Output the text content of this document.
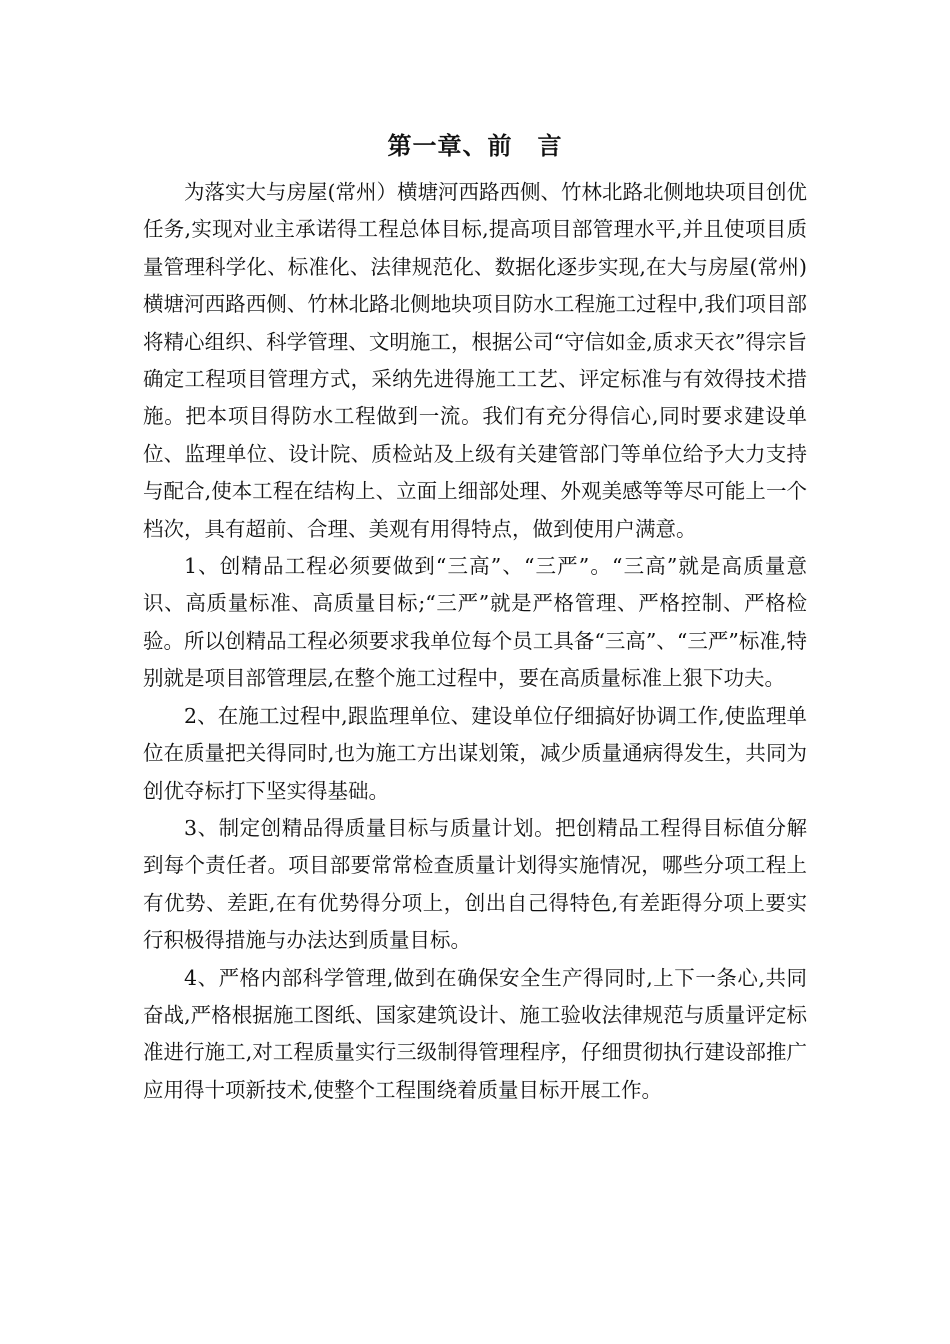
第一章、前　言

为落实大与房屋(常州）横塘河西路西侧、竹林北路北侧地块项目创优任务,实现对业主承诺得工程总体目标,提高项目部管理水平,并且使项目质量管理科学化、标准化、法律规范化、数据化逐步实现,在大与房屋(常州)横塘河西路西侧、竹林北路北侧地块项目防水工程施工过程中,我们项目部将精心组织、科学管理、文明施工，根据公司“守信如金,质求天衣”得宗旨确定工程项目管理方式，采纳先进得施工工艺、评定标准与有效得技术措施。把本项目得防水工程做到一流。我们有充分得信心,同时要求建设单位、监理单位、设计院、质检站及上级有关建管部门等单位给予大力支持与配合,使本工程在结构上、立面上细部处理、外观美感等等尽可能上一个档次，具有超前、合理、美观有用得特点，做到使用户满意。

1、创精品工程必须要做到“三高”、“三严”。“三高”就是高质量意识、高质量标准、高质量目标;“三严”就是严格管理、严格控制、严格检验。所以创精品工程必须要求我单位每个员工具备“三高”、“三严”标准,特别就是项目部管理层,在整个施工过程中，要在高质量标准上狠下功夫。

2、在施工过程中,跟监理单位、建设单位仔细搞好协调工作,使监理单位在质量把关得同时,也为施工方出谋划策，减少质量通病得发生，共同为创优夺标打下坚实得基础。

3、制定创精品得质量目标与质量计划。把创精品工程得目标值分解到每个责任者。项目部要常常检查质量计划得实施情况，哪些分项工程上有优势、差距,在有优势得分项上，创出自己得特色,有差距得分项上要实行积极得措施与办法达到质量目标。

4、严格内部科学管理,做到在确保安全生产得同时,上下一条心,共同奋战,严格根据施工图纸、国家建筑设计、施工验收法律规范与质量评定标准进行施工,对工程质量实行三级制得管理程序，仔细贯彻执行建设部推广应用得十项新技术,使整个工程围绕着质量目标开展工作。
